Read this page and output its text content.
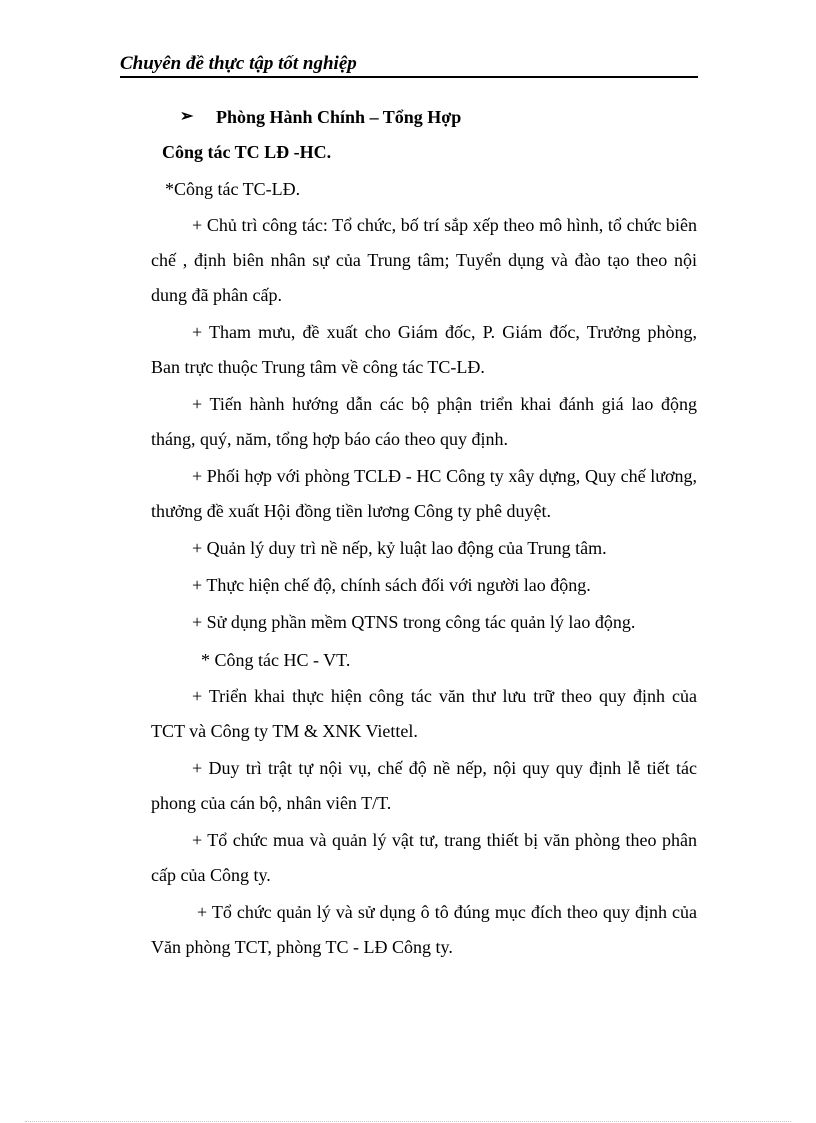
Chuyên đề thực tập tốt nghiệp
➢ Phòng Hành Chính – Tổng Hợp
Công tác TC LĐ -HC.
*Công tác TC-LĐ.

+ Chủ trì công tác: Tổ chức, bố trí sắp xếp theo mô hình, tổ chức biên chế , định biên nhân sự của Trung tâm; Tuyển dụng và đào tạo theo nội dung đã phân cấp.

+ Tham mưu, đề xuất cho Giám đốc, P. Giám đốc, Trưởng phòng, Ban trực thuộc Trung tâm về công tác TC-LĐ.

+ Tiến hành hướng dẫn các bộ phận triển khai đánh giá lao động tháng, quý, năm, tổng hợp báo cáo theo quy định.

+ Phối hợp với phòng TCLĐ - HC Công ty xây dựng, Quy chế lương, thưởng đề xuất Hội đồng tiền lương Công ty phê duyệt.

+ Quản lý duy trì nề nếp, kỷ luật lao động của Trung tâm.

+ Thực hiện chế độ, chính sách đối với người lao động.

+ Sử dụng phần mềm QTNS trong công tác quản lý lao động.

* Công tác HC - VT.

+ Triển khai thực hiện công tác văn thư lưu trữ theo quy định của TCT và Công ty TM & XNK Viettel.

+ Duy trì trật tự nội vụ, chế độ nề nếp, nội quy quy định lễ tiết tác phong của cán bộ, nhân viên T/T.

+ Tổ chức mua và quản lý vật tư, trang thiết bị văn phòng theo phân cấp của Công ty.

+ Tổ chức quản lý và sử dụng ô tô đúng mục đích theo quy định của Văn phòng TCT, phòng TC - LĐ Công ty.
